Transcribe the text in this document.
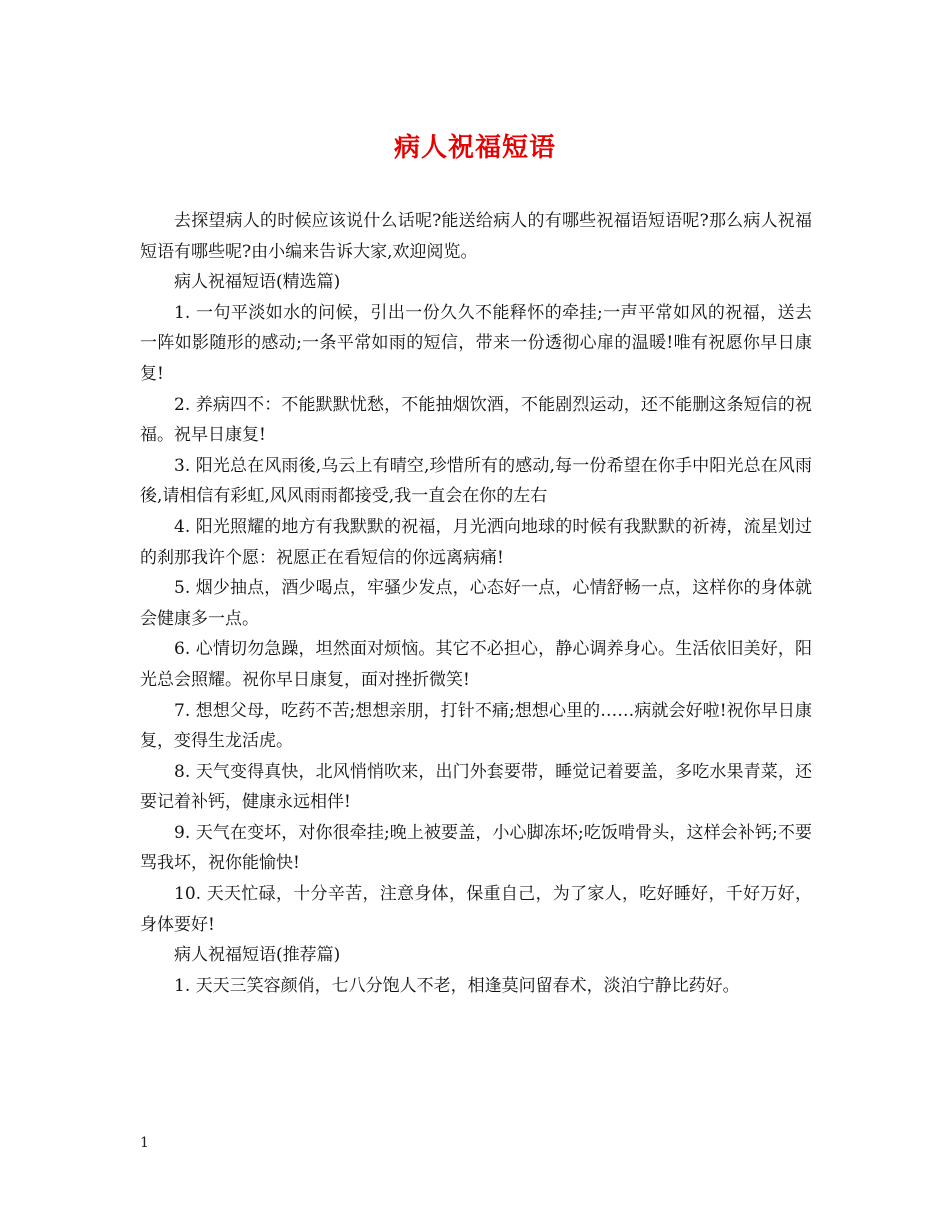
病人祝福短语

去探望病人的时候应该说什么话呢?能送给病人的有哪些祝福语短语呢?那么病人祝福短语有哪些呢?由小编来告诉大家,欢迎阅览。

病人祝福短语(精选篇)

1. 一句平淡如水的问候，引出一份久久不能释怀的牵挂;一声平常如风的祝福，送去一阵如影随形的感动;一条平常如雨的短信，带来一份透彻心扉的温暖!唯有祝愿你早日康复!

2. 养病四不：不能默默忧愁，不能抽烟饮酒，不能剧烈运动，还不能删这条短信的祝福。祝早日康复!

3. 阳光总在风雨後,乌云上有晴空,珍惜所有的感动,每一份希望在你手中阳光总在风雨後,请相信有彩虹,风风雨雨都接受,我一直会在你的左右

4. 阳光照耀的地方有我默默的祝福，月光洒向地球的时候有我默默的祈祷，流星划过的刹那我许个愿：祝愿正在看短信的你远离病痛!

5. 烟少抽点，酒少喝点，牢骚少发点，心态好一点，心情舒畅一点，这样你的身体就会健康多一点。

6. 心情切勿急躁，坦然面对烦恼。其它不必担心，静心调养身心。生活依旧美好，阳光总会照耀。祝你早日康复，面对挫折微笑!

7. 想想父母，吃药不苦;想想亲朋，打针不痛;想想心里的……病就会好啦!祝你早日康复，变得生龙活虎。

8. 天气变得真快，北风悄悄吹来，出门外套要带，睡觉记着要盖，多吃水果青菜，还要记着补钙，健康永远相伴!

9. 天气在变坏，对你很牵挂;晚上被要盖，小心脚冻坏;吃饭啃骨头，这样会补钙;不要骂我坏，祝你能愉快!

10. 天天忙碌，十分辛苦，注意身体，保重自己，为了家人，吃好睡好，千好万好，身体要好!

病人祝福短语(推荐篇)

1. 天天三笑容颜俏，七八分饱人不老，相逢莫问留春术，淡泊宁静比药好。

1
